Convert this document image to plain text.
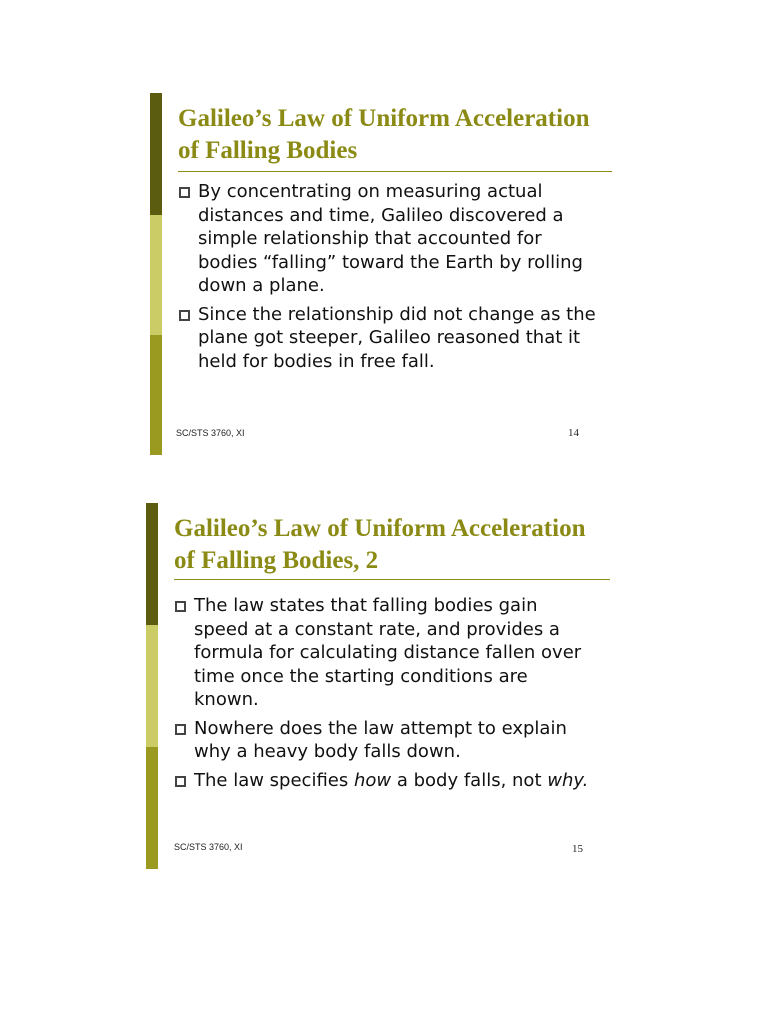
Galileo’s Law of Uniform Acceleration
of Falling Bodies
By concentrating on measuring actual distances and time, Galileo discovered a simple relationship that accounted for bodies “falling” toward the Earth by rolling down a plane.
Since the relationship did not change as the plane got steeper, Galileo reasoned that it held for bodies in free fall.
SC/STS 3760, XI	14
Galileo’s Law of Uniform Acceleration
of Falling Bodies, 2
The law states that falling bodies gain speed at a constant rate, and provides a formula for calculating distance fallen over time once the starting conditions are known.
Nowhere does the law attempt to explain why a heavy body falls down.
The law specifies how a body falls, not why.
SC/STS 3760, XI	15
